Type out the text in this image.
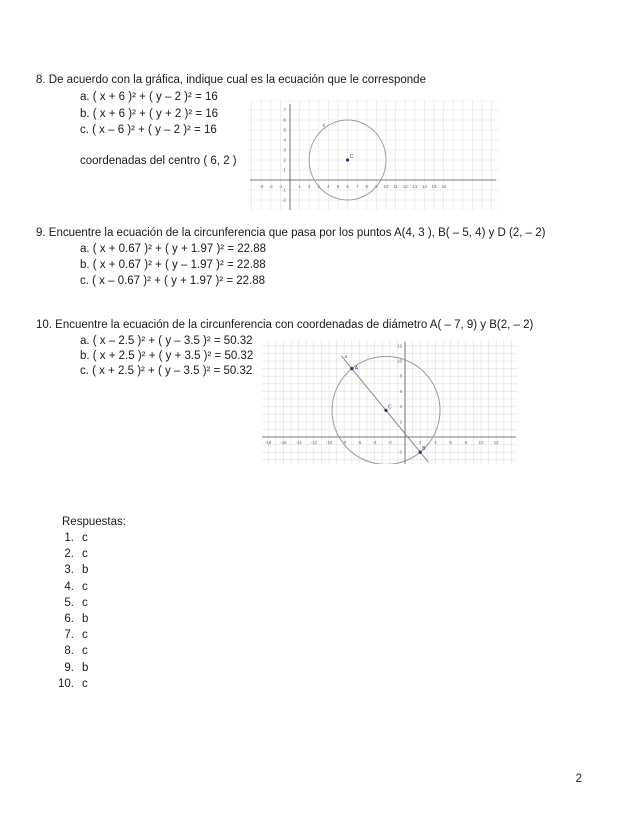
8. De acuerdo con la gráfica, indique cual es la ecuación que le corresponde
a. ( x + 6 )² + ( y – 2 )² = 16
b. ( x + 6 )² + ( y + 2 )² = 16
c. ( x – 6 )² + ( y – 2 )² = 16
coordenadas del centro ( 6, 2 )
-3 -2 -1	1 2 3 4 5 6 7 8 9 10 11 12 13 14 15 16
7
6
5
4
3
2
1
-1
-2
C
k
9. Encuentre la ecuación de la circunferencia que pasa por los puntos A(4, 3 ), B( – 5, 4) y D (2, – 2)
a. ( x + 0.67 )² + ( y + 1.97 )² = 22.88
b. ( x + 0.67 )² + ( y – 1.97 )² = 22.88
c. ( x – 0.67 )² + ( y + 1.97 )² = 22.88
10. Encuentre la ecuación de la circunferencia con coordenadas de diámetro A( – 7, 9) y B(2, – 2)
a. ( x – 2.5 )² + ( y – 3.5 )² = 50.32
b. ( x + 2.5 )² + ( y + 3.5 )² = 50.32
c. ( x + 2.5 )² + ( y – 3.5 )² = 50.32
-18 -16 -14 -12 -10 -8	-6	-4	-2	2	4	6	8	10 12
12
10
8
6
4
2
-2
A
C
B
a
Respuestas:
1. c
2. c
3. b
4. c
5. c
6. b
7. c
8. c
9. b
10. c
2
